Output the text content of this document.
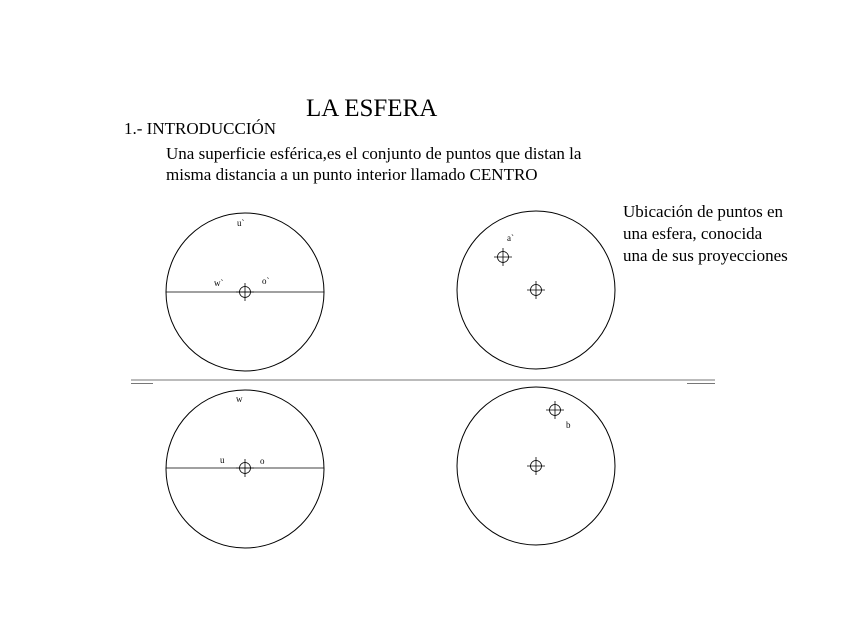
LA ESFERA
1.- INTRODUCCIÓN
Una superficie esférica,es el conjunto de puntos que distan la
misma distancia a un punto interior llamado CENTRO
Ubicación de puntos en
una esfera, conocida
una de sus proyecciones
u`
w`	o`
a`
w
u	o
b
